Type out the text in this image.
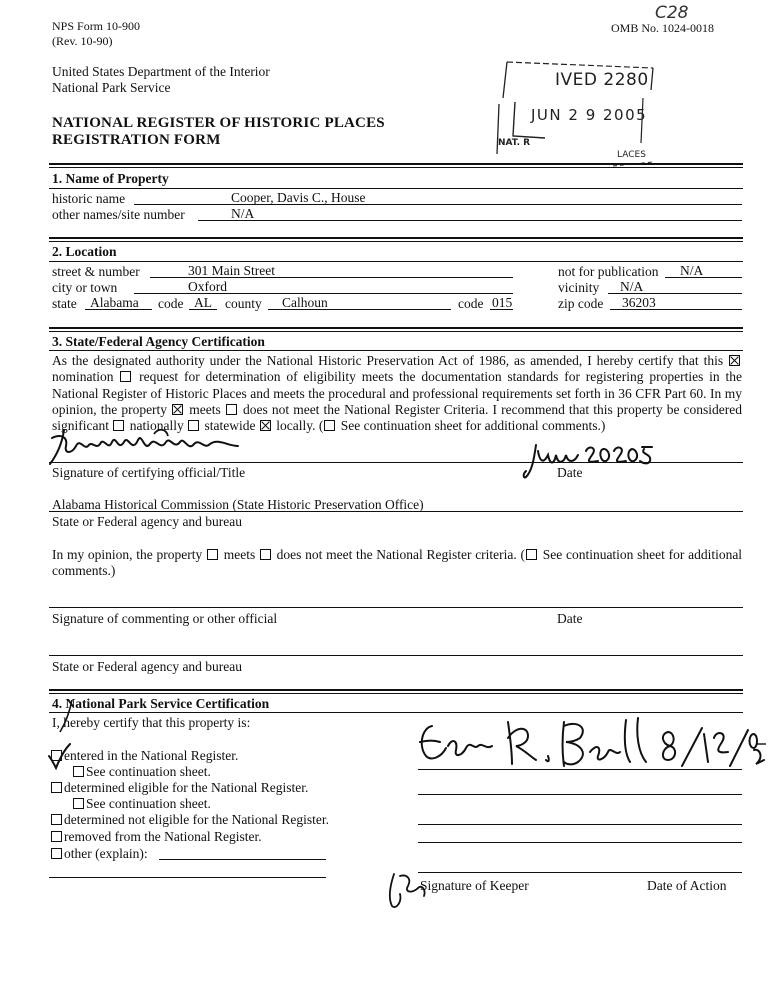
NPS Form 10-900
(Rev. 10-90)
OMB No. 1024-0018
C28
United States Department of the Interior
National Park Service
NATIONAL REGISTER OF HISTORIC PLACES
REGISTRATION FORM
IVED 2280
JUN 2 9 2005
NAT. R
LACES
1. Name of Property
historic name	Cooper, Davis C., House
other names/site number	N/A
2. Location
street & number	301 Main Street	not for publication N/A
city or town	Oxford	vicinity N/A
state Alabama code AL county Calhoun	code 015	zip code 36203
3. State/Federal Agency Certification
As the designated authority under the National Historic Preservation Act of 1986, as amended, I hereby certify that this nomination request for determination of eligibility meets the documentation standards for registering properties in the National Register of Historic Places and meets the procedural and professional requirements set forth in 36 CFR Part 60. In my opinion, the property meets does not meet the National Register Criteria. I recommend that this property be considered significant nationally statewide locally. ( See continuation sheet for additional comments.)
Signature of certifying official/Title	Date
Alabama Historical Commission (State Historic Preservation Office)
State or Federal agency and bureau
In my opinion, the property meets does not meet the National Register criteria. ( See continuation sheet for additional comments.)
Signature of commenting or other official	Date
State or Federal agency and bureau
4. National Park Service Certification
I, hereby certify that this property is:
entered in the National Register.
See continuation sheet.
determined eligible for the National Register.
See continuation sheet.
determined not eligible for the National Register.
removed from the National Register.
other (explain):
Signature of Keeper	Date of Action
